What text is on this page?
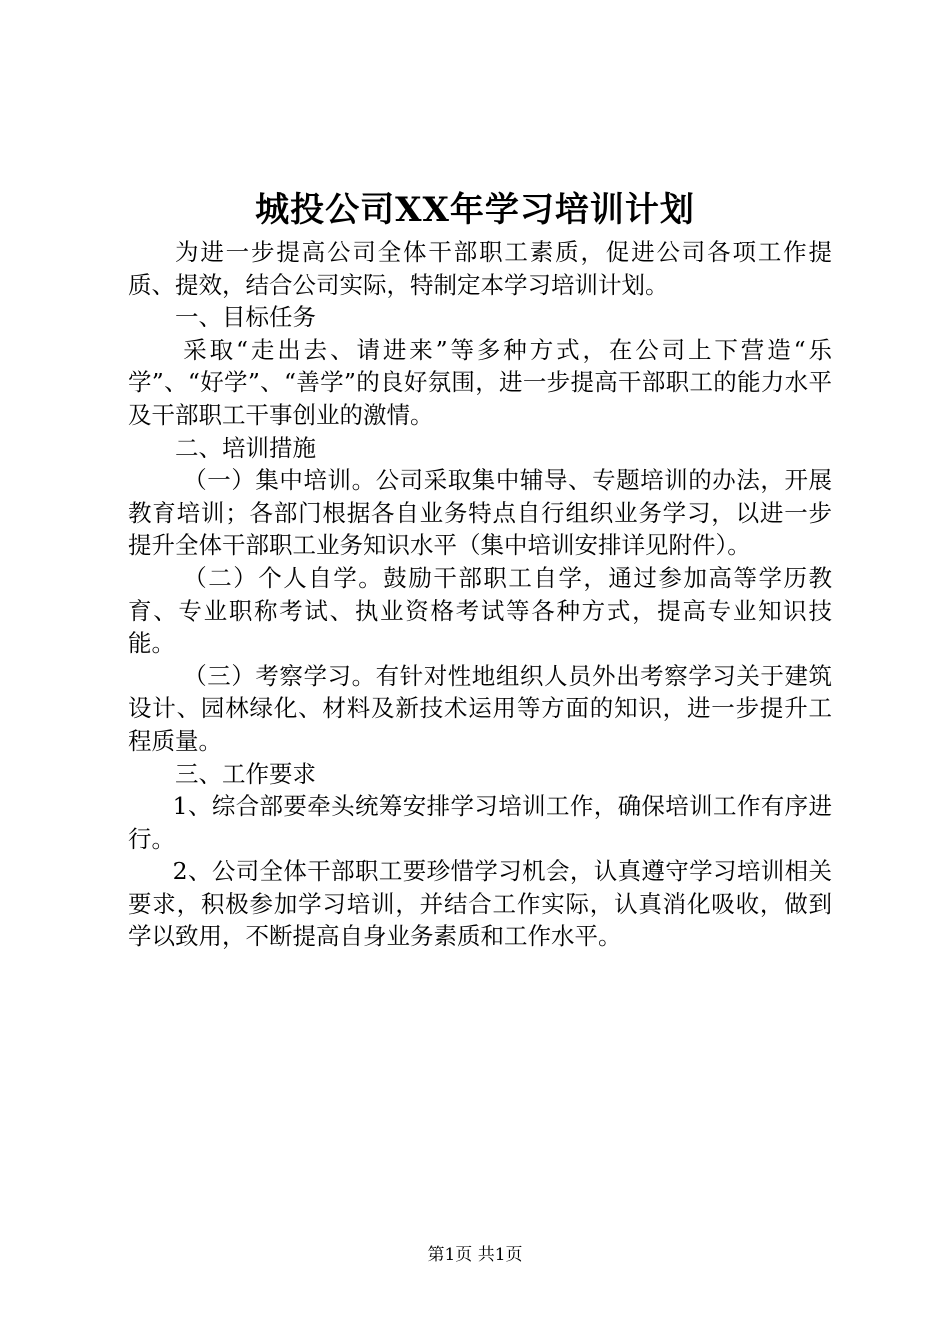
城投公司XX年学习培训计划

为进一步提高公司全体干部职工素质，促进公司各项工作提质、提效，结合公司实际，特制定本学习培训计划。

一、目标任务

采取“走出去、请进来”等多种方式，在公司上下营造“乐学”、“好学”、“善学”的良好氛围，进一步提高干部职工的能力水平及干部职工干事创业的激情。

二、培训措施

（一）集中培训。公司采取集中辅导、专题培训的办法，开展教育培训；各部门根据各自业务特点自行组织业务学习，以进一步提升全体干部职工业务知识水平（集中培训安排详见附件）。

（二）个人自学。鼓励干部职工自学，通过参加高等学历教育、专业职称考试、执业资格考试等各种方式，提高专业知识技能。

（三）考察学习。有针对性地组织人员外出考察学习关于建筑设计、园林绿化、材料及新技术运用等方面的知识，进一步提升工程质量。

三、工作要求

1、综合部要牵头统筹安排学习培训工作，确保培训工作有序进行。

2、公司全体干部职工要珍惜学习机会，认真遵守学习培训相关要求，积极参加学习培训，并结合工作实际，认真消化吸收，做到学以致用，不断提高自身业务素质和工作水平。

第1页 共1页
